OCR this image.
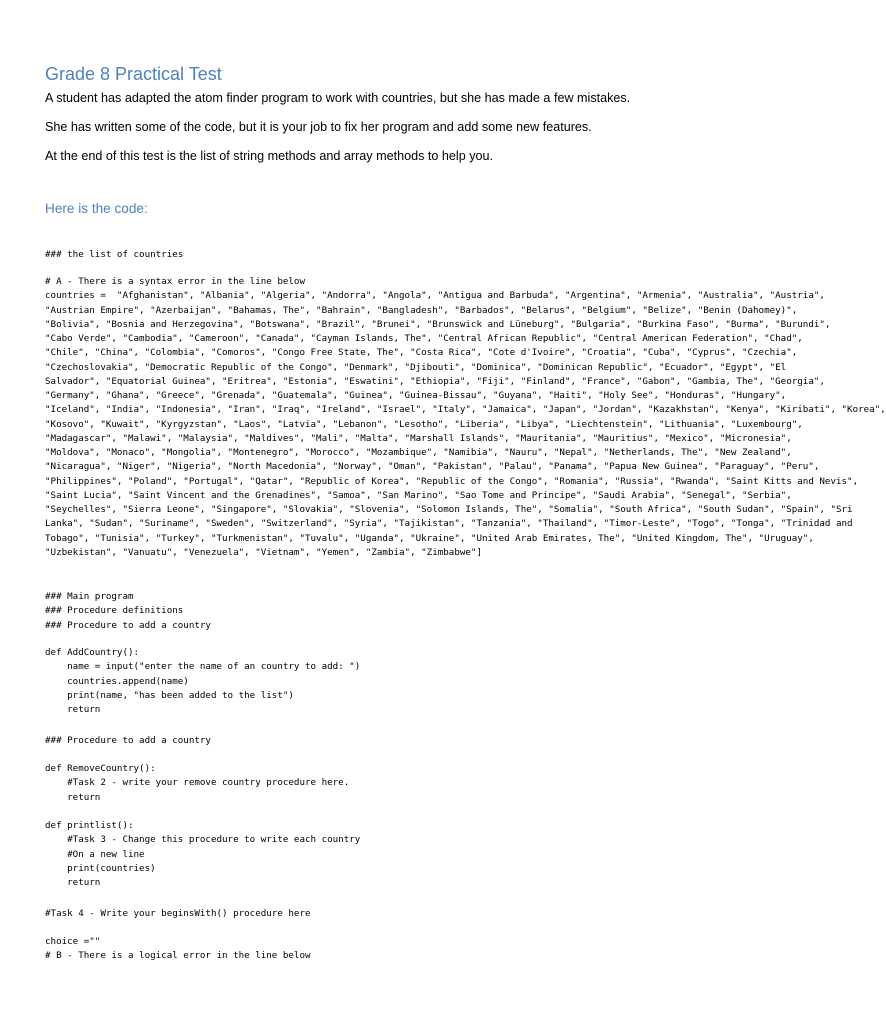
Grade 8 Practical Test

A student has adapted the atom finder program to work with countries, but she has made a few mistakes.

She has written some of the code, but it is your job to fix her program and add some new features.

At the end of this test is the list of string methods and array methods to help you.

Here is the code:
### the list of countries
# A - There is a syntax error in the line below
countries =  "Afghanistan", "Albania", "Algeria", "Andorra", "Angola", "Antigua and Barbuda", "Argentina", "Armenia", "Australia", "Austria",
"Austrian Empire", "Azerbaijan", "Bahamas, The", "Bahrain", "Bangladesh", "Barbados", "Belarus", "Belgium", "Belize", "Benin (Dahomey)",
"Bolivia", "Bosnia and Herzegovina", "Botswana", "Brazil", "Brunei", "Brunswick and Lüneburg", "Bulgaria", "Burkina Faso", "Burma", "Burundi",
"Cabo Verde", "Cambodia", "Cameroon", "Canada", "Cayman Islands, The", "Central African Republic", "Central American Federation", "Chad",
"Chile", "China", "Colombia", "Comoros", "Congo Free State, The", "Costa Rica", "Cote d'Ivoire", "Croatia", "Cuba", "Cyprus", "Czechia",
"Czechoslovakia", "Democratic Republic of the Congo", "Denmark", "Djibouti", "Dominica", "Dominican Republic", "Ecuador", "Egypt", "El
Salvador", "Equatorial Guinea", "Eritrea", "Estonia", "Eswatini", "Ethiopia", "Fiji", "Finland", "France", "Gabon", "Gambia, The", "Georgia",
"Germany", "Ghana", "Greece", "Grenada", "Guatemala", "Guinea", "Guinea-Bissau", "Guyana", "Haiti", "Holy See", "Honduras", "Hungary",
"Iceland", "India", "Indonesia", "Iran", "Iraq", "Ireland", "Israel", "Italy", "Jamaica", "Japan", "Jordan", "Kazakhstan", "Kenya", "Kiribati", "Korea",
"Kosovo", "Kuwait", "Kyrgyzstan", "Laos", "Latvia", "Lebanon", "Lesotho", "Liberia", "Libya", "Liechtenstein", "Lithuania", "Luxembourg",
"Madagascar", "Malawi", "Malaysia", "Maldives", "Mali", "Malta", "Marshall Islands", "Mauritania", "Mauritius", "Mexico", "Micronesia",
"Moldova", "Monaco", "Mongolia", "Montenegro", "Morocco", "Mozambique", "Namibia", "Nauru", "Nepal", "Netherlands, The", "New Zealand",
"Nicaragua", "Niger", "Nigeria", "North Macedonia", "Norway", "Oman", "Pakistan", "Palau", "Panama", "Papua New Guinea", "Paraguay", "Peru",
"Philippines", "Poland", "Portugal", "Qatar", "Republic of Korea", "Republic of the Congo", "Romania", "Russia", "Rwanda", "Saint Kitts and Nevis",
"Saint Lucia", "Saint Vincent and the Grenadines", "Samoa", "San Marino", "Sao Tome and Principe", "Saudi Arabia", "Senegal", "Serbia",
"Seychelles", "Sierra Leone", "Singapore", "Slovakia", "Slovenia", "Solomon Islands, The", "Somalia", "South Africa", "South Sudan", "Spain", "Sri
Lanka", "Sudan", "Suriname", "Sweden", "Switzerland", "Syria", "Tajikistan", "Tanzania", "Thailand", "Timor-Leste", "Togo", "Tonga", "Trinidad and
Tobago", "Tunisia", "Turkey", "Turkmenistan", "Tuvalu", "Uganda", "Ukraine", "United Arab Emirates, The", "United Kingdom, The", "Uruguay",
"Uzbekistan", "Vanuatu", "Venezuela", "Vietnam", "Yemen", "Zambia", "Zimbabwe"]
### Main program
### Procedure definitions
### Procedure to add a country
def AddCountry():
name = input("enter the name of an country to add: ")
countries.append(name)
print(name, "has been added to the list")
return
### Procedure to add a country
def RemoveCountry():
#Task 2 - write your remove country procedure here.
return
def printlist():
#Task 3 - Change this procedure to write each country
#On a new line
print(countries)
return
#Task 4 - Write your beginsWith() procedure here
choice =""
# B - There is a logical error in the line below
